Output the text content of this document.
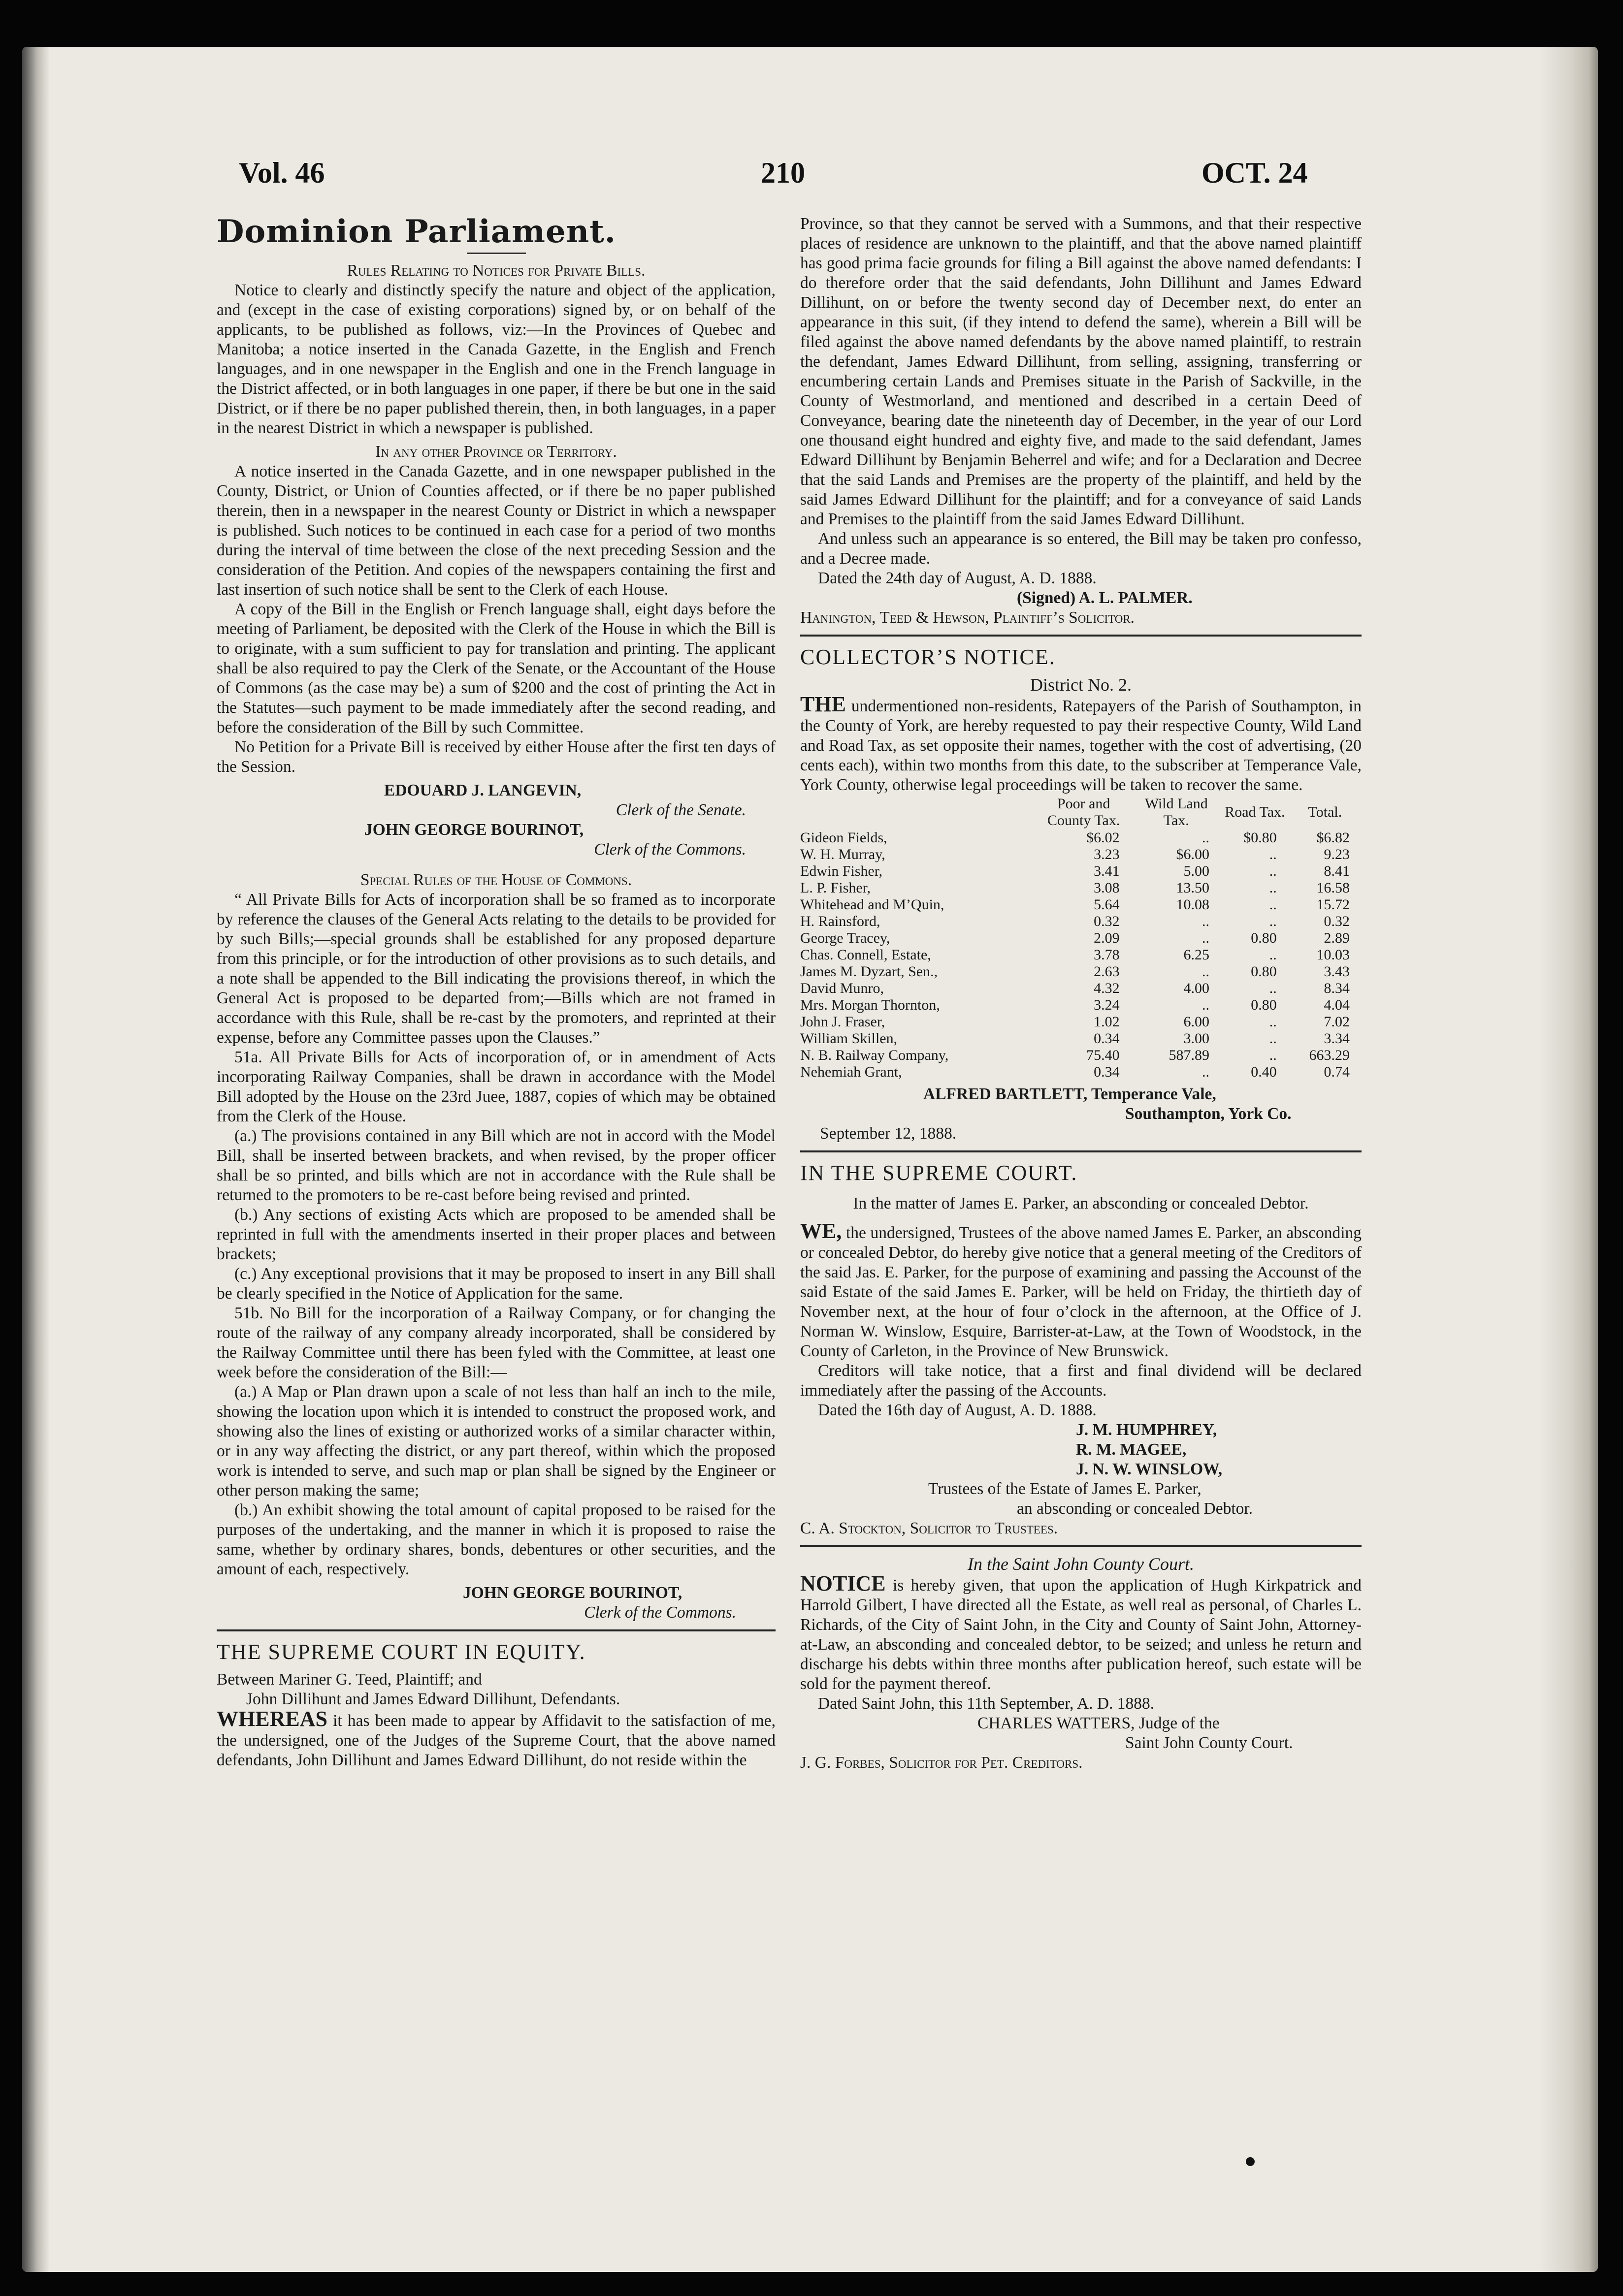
Vol. 46	210	OCT. 24

Dominion Parliament.

Rules Relating to Notices for Private Bills.

Notice to clearly and distinctly specify the nature and object of the application, and (except in the case of existing corporations) signed by, or on behalf of the applicants, to be published as follows, viz:—In the Provinces of Quebec and Manitoba; a notice inserted in the Canada Gazette, in the English and French languages, and in one newspaper in the English and one in the French language in the District affected, or in both languages in one paper, if there be but one in the said District, or if there be no paper published therein, then, in both languages, in a paper in the nearest District in which a newspaper is published.

In any other Province or Territory.

A notice inserted in the Canada Gazette, and in one newspaper published in the County, District, or Union of Counties affected, or if there be no paper published therein, then in a newspaper in the nearest County or District in which a newspaper is published. Such notices to be continued in each case for a period of two months during the interval of time between the close of the next preceding Session and the consideration of the Petition. And copies of the newspapers containing the first and last insertion of such notice shall be sent to the Clerk of each House.

A copy of the Bill in the English or French language shall, eight days before the meeting of Parliament, be deposited with the Clerk of the House in which the Bill is to originate, with a sum sufficient to pay for translation and printing. The applicant shall be also required to pay the Clerk of the Senate, or the Accountant of the House of Commons (as the case may be) a sum of $200 and the cost of printing the Act in the Statutes—such payment to be made immediately after the second reading, and before the consideration of the Bill by such Committee.

No Petition for a Private Bill is received by either House after the first ten days of the Session.

EDOUARD J. LANGEVIN,

Clerk of the Senate.

JOHN GEORGE BOURINOT,

Clerk of the Commons.

Special Rules of the House of Commons.

“ All Private Bills for Acts of incorporation shall be so framed as to incorporate by reference the clauses of the General Acts relating to the details to be provided for by such Bills;—special grounds shall be established for any proposed departure from this principle, or for the introduction of other provisions as to such details, and a note shall be appended to the Bill indicating the provisions thereof, in which the General Act is proposed to be departed from;—Bills which are not framed in accordance with this Rule, shall be re-cast by the promoters, and reprinted at their expense, before any Committee passes upon the Clauses.”

51a. All Private Bills for Acts of incorporation of, or in amendment of Acts incorporating Railway Companies, shall be drawn in accordance with the Model Bill adopted by the House on the 23rd Juee, 1887, copies of which may be obtained from the Clerk of the House.

(a.) The provisions contained in any Bill which are not in accord with the Model Bill, shall be inserted between brackets, and when revised, by the proper officer shall be so printed, and bills which are not in accordance with the Rule shall be returned to the promoters to be re-cast before being revised and printed.

(b.) Any sections of existing Acts which are proposed to be amended shall be reprinted in full with the amendments inserted in their proper places and between brackets;

(c.) Any exceptional provisions that it may be proposed to insert in any Bill shall be clearly specified in the Notice of Application for the same.

51b. No Bill for the incorporation of a Railway Company, or for changing the route of the railway of any company already incorporated, shall be considered by the Railway Committee until there has been fyled with the Committee, at least one week before the consideration of the Bill:—

(a.) A Map or Plan drawn upon a scale of not less than half an inch to the mile, showing the location upon which it is intended to construct the proposed work, and showing also the lines of existing or authorized works of a similar character within, or in any way affecting the district, or any part thereof, within which the proposed work is intended to serve, and such map or plan shall be signed by the Engineer or other person making the same;

(b.) An exhibit showing the total amount of capital proposed to be raised for the purposes of the undertaking, and the manner in which it is proposed to raise the same, whether by ordinary shares, bonds, debentures or other securities, and the amount of each, respectively.

JOHN GEORGE BOURINOT,

Clerk of the Commons.

THE SUPREME COURT IN EQUITY.

Between Mariner G. Teed, Plaintiff; and

John Dillihunt and James Edward Dillihunt, Defendants.

WHEREAS it has been made to appear by Affidavit to the satisfaction of me, the undersigned, one of the Judges of the Supreme Court, that the above named defendants, John Dillihunt and James Edward Dillihunt, do not reside within the

Province, so that they cannot be served with a Summons, and that their respective places of residence are unknown to the plaintiff, and that the above named plaintiff has good prima facie grounds for filing a Bill against the above named defendants: I do therefore order that the said defendants, John Dillihunt and James Edward Dillihunt, on or before the twenty second day of December next, do enter an appearance in this suit, (if they intend to defend the same), wherein a Bill will be filed against the above named defendants by the above named plaintiff, to restrain the defendant, James Edward Dillihunt, from selling, assigning, transferring or encumbering certain Lands and Premises situate in the Parish of Sackville, in the County of Westmorland, and mentioned and described in a certain Deed of Conveyance, bearing date the nineteenth day of December, in the year of our Lord one thousand eight hundred and eighty five, and made to the said defendant, James Edward Dillihunt by Benjamin Beherrel and wife; and for a Declaration and Decree that the said Lands and Premises are the property of the plaintiff, and held by the said James Edward Dillihunt for the plaintiff; and for a conveyance of said Lands and Premises to the plaintiff from the said James Edward Dillihunt.

And unless such an appearance is so entered, the Bill may be taken pro confesso, and a Decree made.

Dated the 24th day of August, A. D. 1888.

(Signed) A. L. PALMER.

Hanington, Teed & Hewson, Plaintiff’s Solicitor.

COLLECTOR’S NOTICE.

District No. 2.

THE undermentioned non-residents, Ratepayers of the Parish of Southampton, in the County of York, are hereby requested to pay their respective County, Wild Land and Road Tax, as set opposite their names, together with the cost of advertising, (20 cents each), within two months from this date, to the subscriber at Temperance Vale, York County, otherwise legal proceedings will be taken to recover the same.

	Poor and County Tax.	Wild Land Tax.	Road Tax.	Total.
Gideon Fields,	$6.02	..	$0.80	$6.82
W. H. Murray,	3.23	$6.00	..	9.23
Edwin Fisher,	3.41	5.00	..	8.41
L. P. Fisher,	3.08	13.50	..	16.58
Whitehead and M’Quin,	5.64	10.08	..	15.72
H. Rainsford,	0.32	..	..	0.32
George Tracey,	2.09	..	0.80	2.89
Chas. Connell, Estate,	3.78	6.25	..	10.03
James M. Dyzart, Sen.,	2.63	..	0.80	3.43
David Munro,	4.32	4.00	..	8.34
Mrs. Morgan Thornton,	3.24	..	0.80	4.04
John J. Fraser,	1.02	6.00	..	7.02
William Skillen,	0.34	3.00	..	3.34
N. B. Railway Company,	75.40	587.89	..	663.29
Nehemiah Grant,	0.34	..	0.40	0.74

ALFRED BARTLETT, Temperance Vale,

Southampton, York Co.

September 12, 1888.

IN THE SUPREME COURT.

In the matter of James E. Parker, an absconding or concealed Debtor.

WE, the undersigned, Trustees of the above named James E. Parker, an absconding or concealed Debtor, do hereby give notice that a general meeting of the Creditors of the said Jas. E. Parker, for the purpose of examining and passing the Accounst of the said Estate of the said James E. Parker, will be held on Friday, the thirtieth day of November next, at the hour of four o’clock in the afternoon, at the Office of J. Norman W. Winslow, Esquire, Barrister-at-Law, at the Town of Woodstock, in the County of Carleton, in the Province of New Brunswick.

Creditors will take notice, that a first and final dividend will be declared immediately after the passing of the Accounts.

Dated the 16th day of August, A. D. 1888.

J. M. HUMPHREY,

R. M. MAGEE,

J. N. W. WINSLOW,

Trustees of the Estate of James E. Parker,

an absconding or concealed Debtor.

C. A. Stockton, Solicitor to Trustees.

In the Saint John County Court.

NOTICE is hereby given, that upon the application of Hugh Kirkpatrick and Harrold Gilbert, I have directed all the Estate, as well real as personal, of Charles L. Richards, of the City of Saint John, in the City and County of Saint John, Attorney-at-Law, an absconding and concealed debtor, to be seized; and unless he return and discharge his debts within three months after publication hereof, such estate will be sold for the payment thereof.

Dated Saint John, this 11th September, A. D. 1888.

CHARLES WATTERS, Judge of the

Saint John County Court.

J. G. Forbes, Solicitor for Pet. Creditors.
